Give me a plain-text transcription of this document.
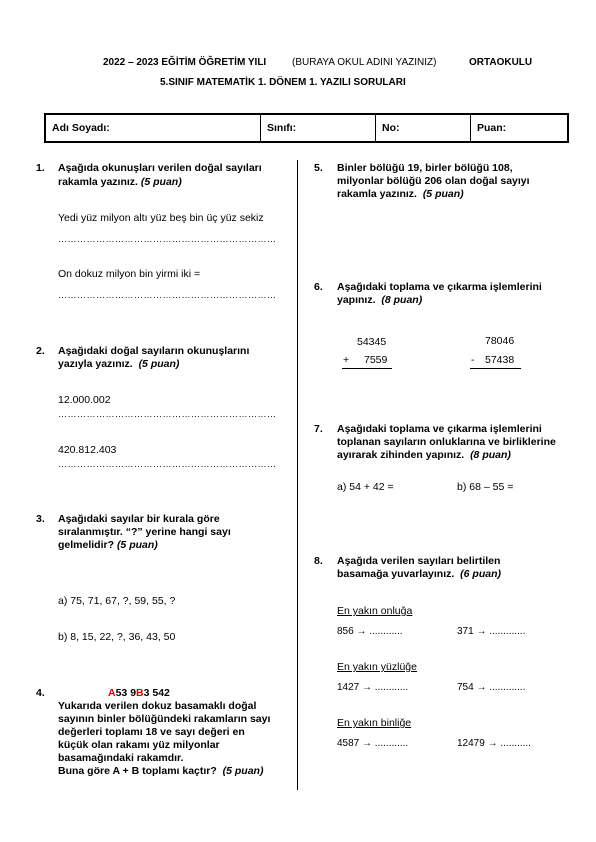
2022 – 2023 EĞİTİM ÖĞRETİM YILI	(BURAYA OKUL ADINI YAZINIZ)	ORTAOKULU
5.SINIF MATEMATİK 1. DÖNEM 1. YAZILI SORULARI
Adı Soyadı:	Sınıfı:	No:	Puan:
1. Aşağıda okunuşları verilen doğal sayıları
rakamla yazınız. (5 puan)
Yedi yüz milyon altı yüz beş bin üç yüz sekiz
……………………………………………………………
On dokuz milyon bin yirmi iki =
……………………………………………………………
2. Aşağıdaki doğal sayıların okunuşlarını
yazıyla yazınız. (5 puan)
12.000.002
……………………………………………………………
420.812.403
……………………………………………………………
3. Aşağıdaki sayılar bir kurala göre
sıralanmıştır. “?” yerine hangi sayı
gelmelidir? (5 puan)
a) 75, 71, 67, ?, 59, 55, ?
b) 8, 15, 22, ?, 36, 43, 50
4.	A53 9B3 542
Yukarıda verilen dokuz basamaklı doğal
sayının binler bölüğündeki rakamların sayı
değerleri toplamı 18 ve sayı değeri en
küçük olan rakamı yüz milyonlar
basamağındaki rakamdır.
Buna göre A + B toplamı kaçtır? (5 puan)
5. Binler bölüğü 19, birler bölüğü 108,
milyonlar bölüğü 206 olan doğal sayıyı
rakamla yazınız. (5 puan)
6. Aşağıdaki toplama ve çıkarma işlemlerini
yapınız. (8 puan)
54345
+ 7559
78046
- 57438
7. Aşağıdaki toplama ve çıkarma işlemlerini
toplanan sayıların onluklarına ve birliklerine
ayırarak zihinden yapınız. (8 puan)
a) 54 + 42 =	b) 68 – 55 =
8. Aşağıda verilen sayıları belirtilen
basamağa yuvarlayınız. (6 puan)
En yakın onluğa
856 → ............	371 → .............
En yakın yüzlüğe
1427 → ............	754 → .............
En yakın binliğe
4587 → ............	12479 → ...........
